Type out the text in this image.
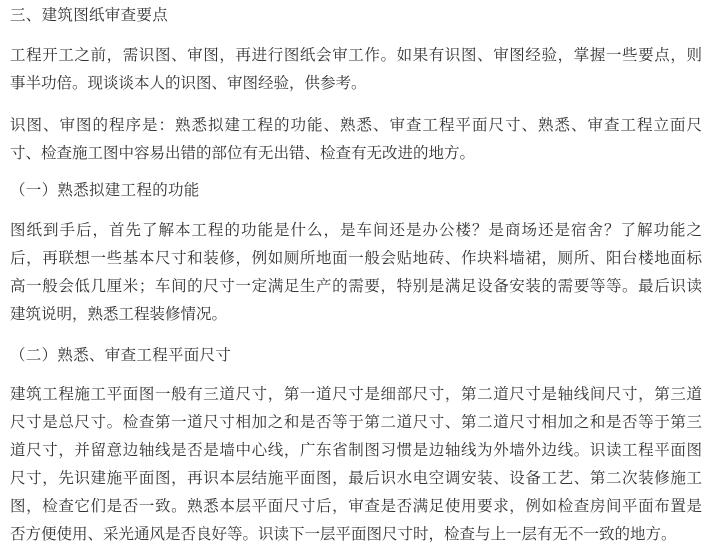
三、建筑图纸审查要点
工程开工之前，需识图、审图，再进行图纸会审工作。如果有识图、审图经验，掌握一些要点，则
事半功倍。现谈谈本人的识图、审图经验，供参考。
识图、审图的程序是：熟悉拟建工程的功能、熟悉、审查工程平面尺寸、熟悉、审查工程立面尺
寸、检查施工图中容易出错的部位有无出错、检查有无改进的地方。
（一）熟悉拟建工程的功能
图纸到手后，首先了解本工程的功能是什么，是车间还是办公楼？是商场还是宿舍？了解功能之
后，再联想一些基本尺寸和装修，例如厕所地面一般会贴地砖、作块料墙裙，厕所、阳台楼地面标
高一般会低几厘米；车间的尺寸一定满足生产的需要，特别是满足设备安装的需要等等。最后识读
建筑说明，熟悉工程装修情况。
（二）熟悉、审查工程平面尺寸
建筑工程施工平面图一般有三道尺寸，第一道尺寸是细部尺寸，第二道尺寸是轴线间尺寸，第三道
尺寸是总尺寸。检查第一道尺寸相加之和是否等于第二道尺寸、第二道尺寸相加之和是否等于第三
道尺寸，并留意边轴线是否是墙中心线，广东省制图习惯是边轴线为外墙外边线。识读工程平面图
尺寸，先识建施平面图，再识本层结施平面图，最后识水电空调安装、设备工艺、第二次装修施工
图，检查它们是否一致。熟悉本层平面尺寸后，审查是否满足使用要求，例如检查房间平面布置是
否方便使用、采光通风是否良好等。识读下一层平面图尺寸时，检查与上一层有无不一致的地方。
